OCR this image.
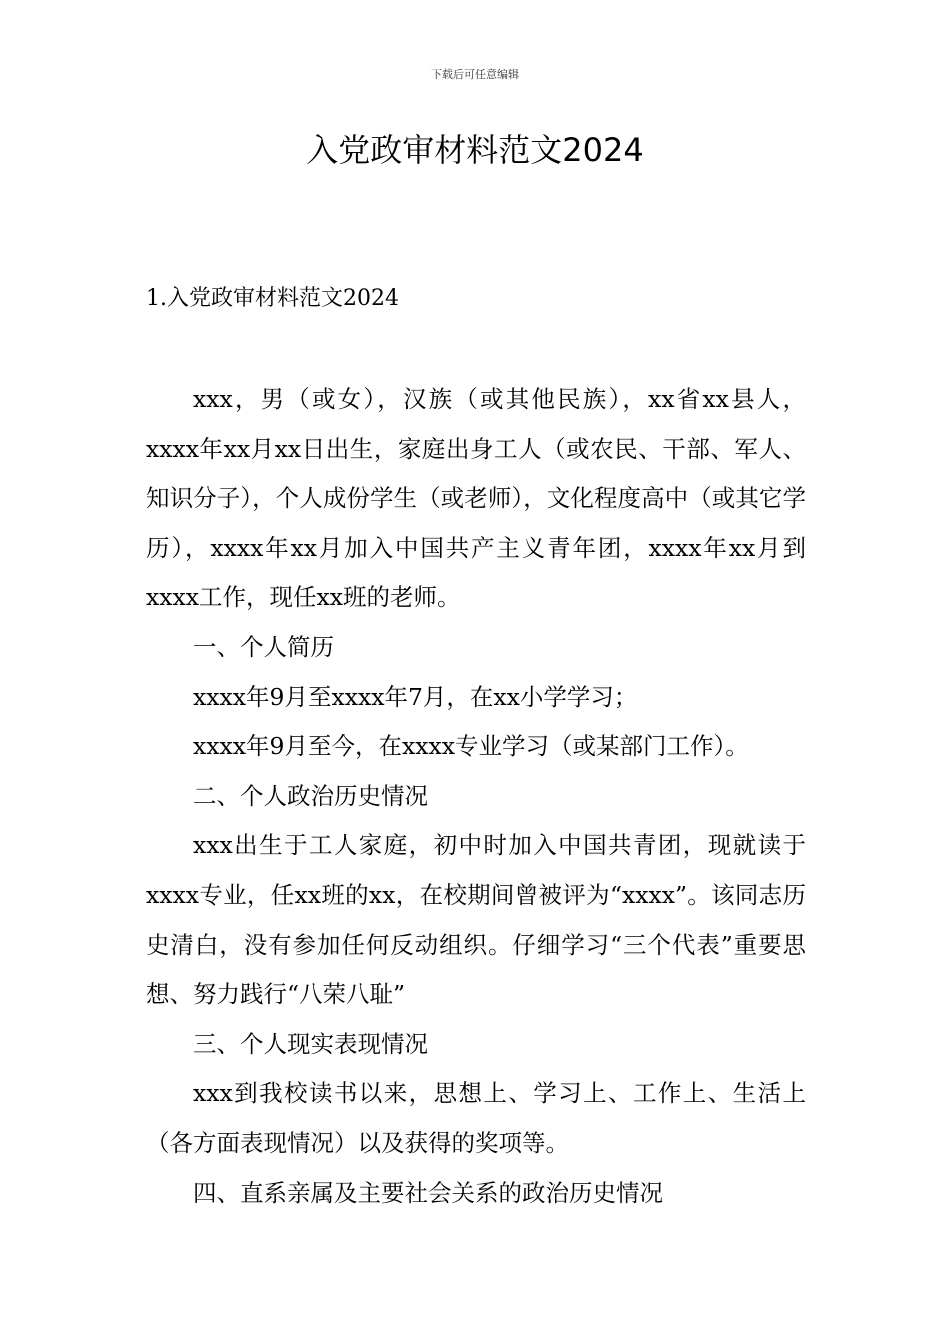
下载后可任意编辑
入党政审材料范文2024
1.入党政审材料范文2024

xxx，男（或女），汉族（或其他民族），xx省xx县人，xxxx年xx月xx日出生，家庭出身工人（或农民、干部、军人、知识分子），个人成份学生（或老师），文化程度高中（或其它学历），xxxx年xx月加入中国共产主义青年团，xxxx年xx月到xxxx工作，现任xx班的老师。

一、个人简历

xxxx年9月至xxxx年7月，在xx小学学习；

xxxx年9月至今，在xxxx专业学习（或某部门工作）。

二、个人政治历史情况

xxx出生于工人家庭，初中时加入中国共青团，现就读于xxxx专业，任xx班的xx，在校期间曾被评为“xxxx”。该同志历史清白，没有参加任何反动组织。仔细学习“三个代表”重要思想、努力践行“八荣八耻”

三、个人现实表现情况

xxx到我校读书以来，思想上、学习上、工作上、生活上（各方面表现情况）以及获得的奖项等。

四、直系亲属及主要社会关系的政治历史情况
